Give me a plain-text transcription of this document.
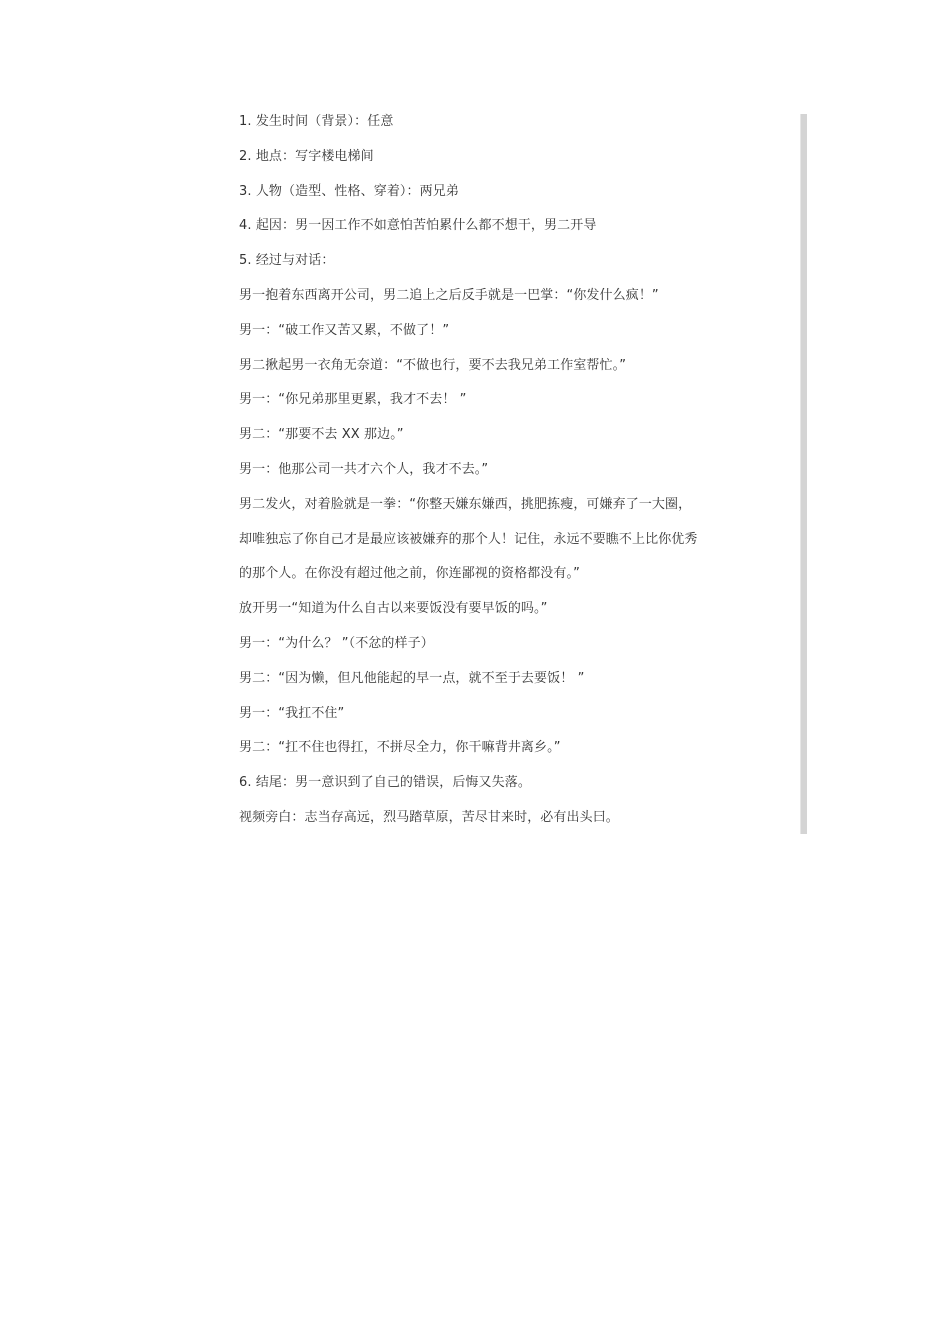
1. 发生时间（背景）：任意
2. 地点：写字楼电梯间
3. 人物（造型、性格、穿着）：两兄弟
4. 起因：男一因工作不如意怕苦怕累什么都不想干，男二开导
5. 经过与对话：
男一抱着东西离开公司，男二追上之后反手就是一巴掌：“你发什么疯！”
男一：“破工作又苦又累，不做了！”
男二揪起男一衣角无奈道：“不做也行，要不去我兄弟工作室帮忙。”
男一：“你兄弟那里更累，我才不去！ ”
男二：“那要不去 XX 那边。”
男一：他那公司一共才六个人，我才不去。”
男二发火，对着脸就是一拳：“你整天嫌东嫌西，挑肥拣瘦，可嫌弃了一大圈，
却唯独忘了你自己才是最应该被嫌弃的那个人！记住，永远不要瞧不上比你优秀
的那个人。在你没有超过他之前，你连鄙视的资格都没有。”
放开男一“知道为什么自古以来要饭没有要早饭的吗。”
男一：“为什么？ ”（不忿的样子）
男二：“因为懒，但凡他能起的早一点，就不至于去要饭！ ”
男一：“我扛不住”
男二：“扛不住也得扛，不拼尽全力，你干嘛背井离乡。”
6. 结尾：男一意识到了自己的错误，后悔又失落。
视频旁白：志当存高远，烈马踏草原，苦尽甘来时，必有出头曰。
